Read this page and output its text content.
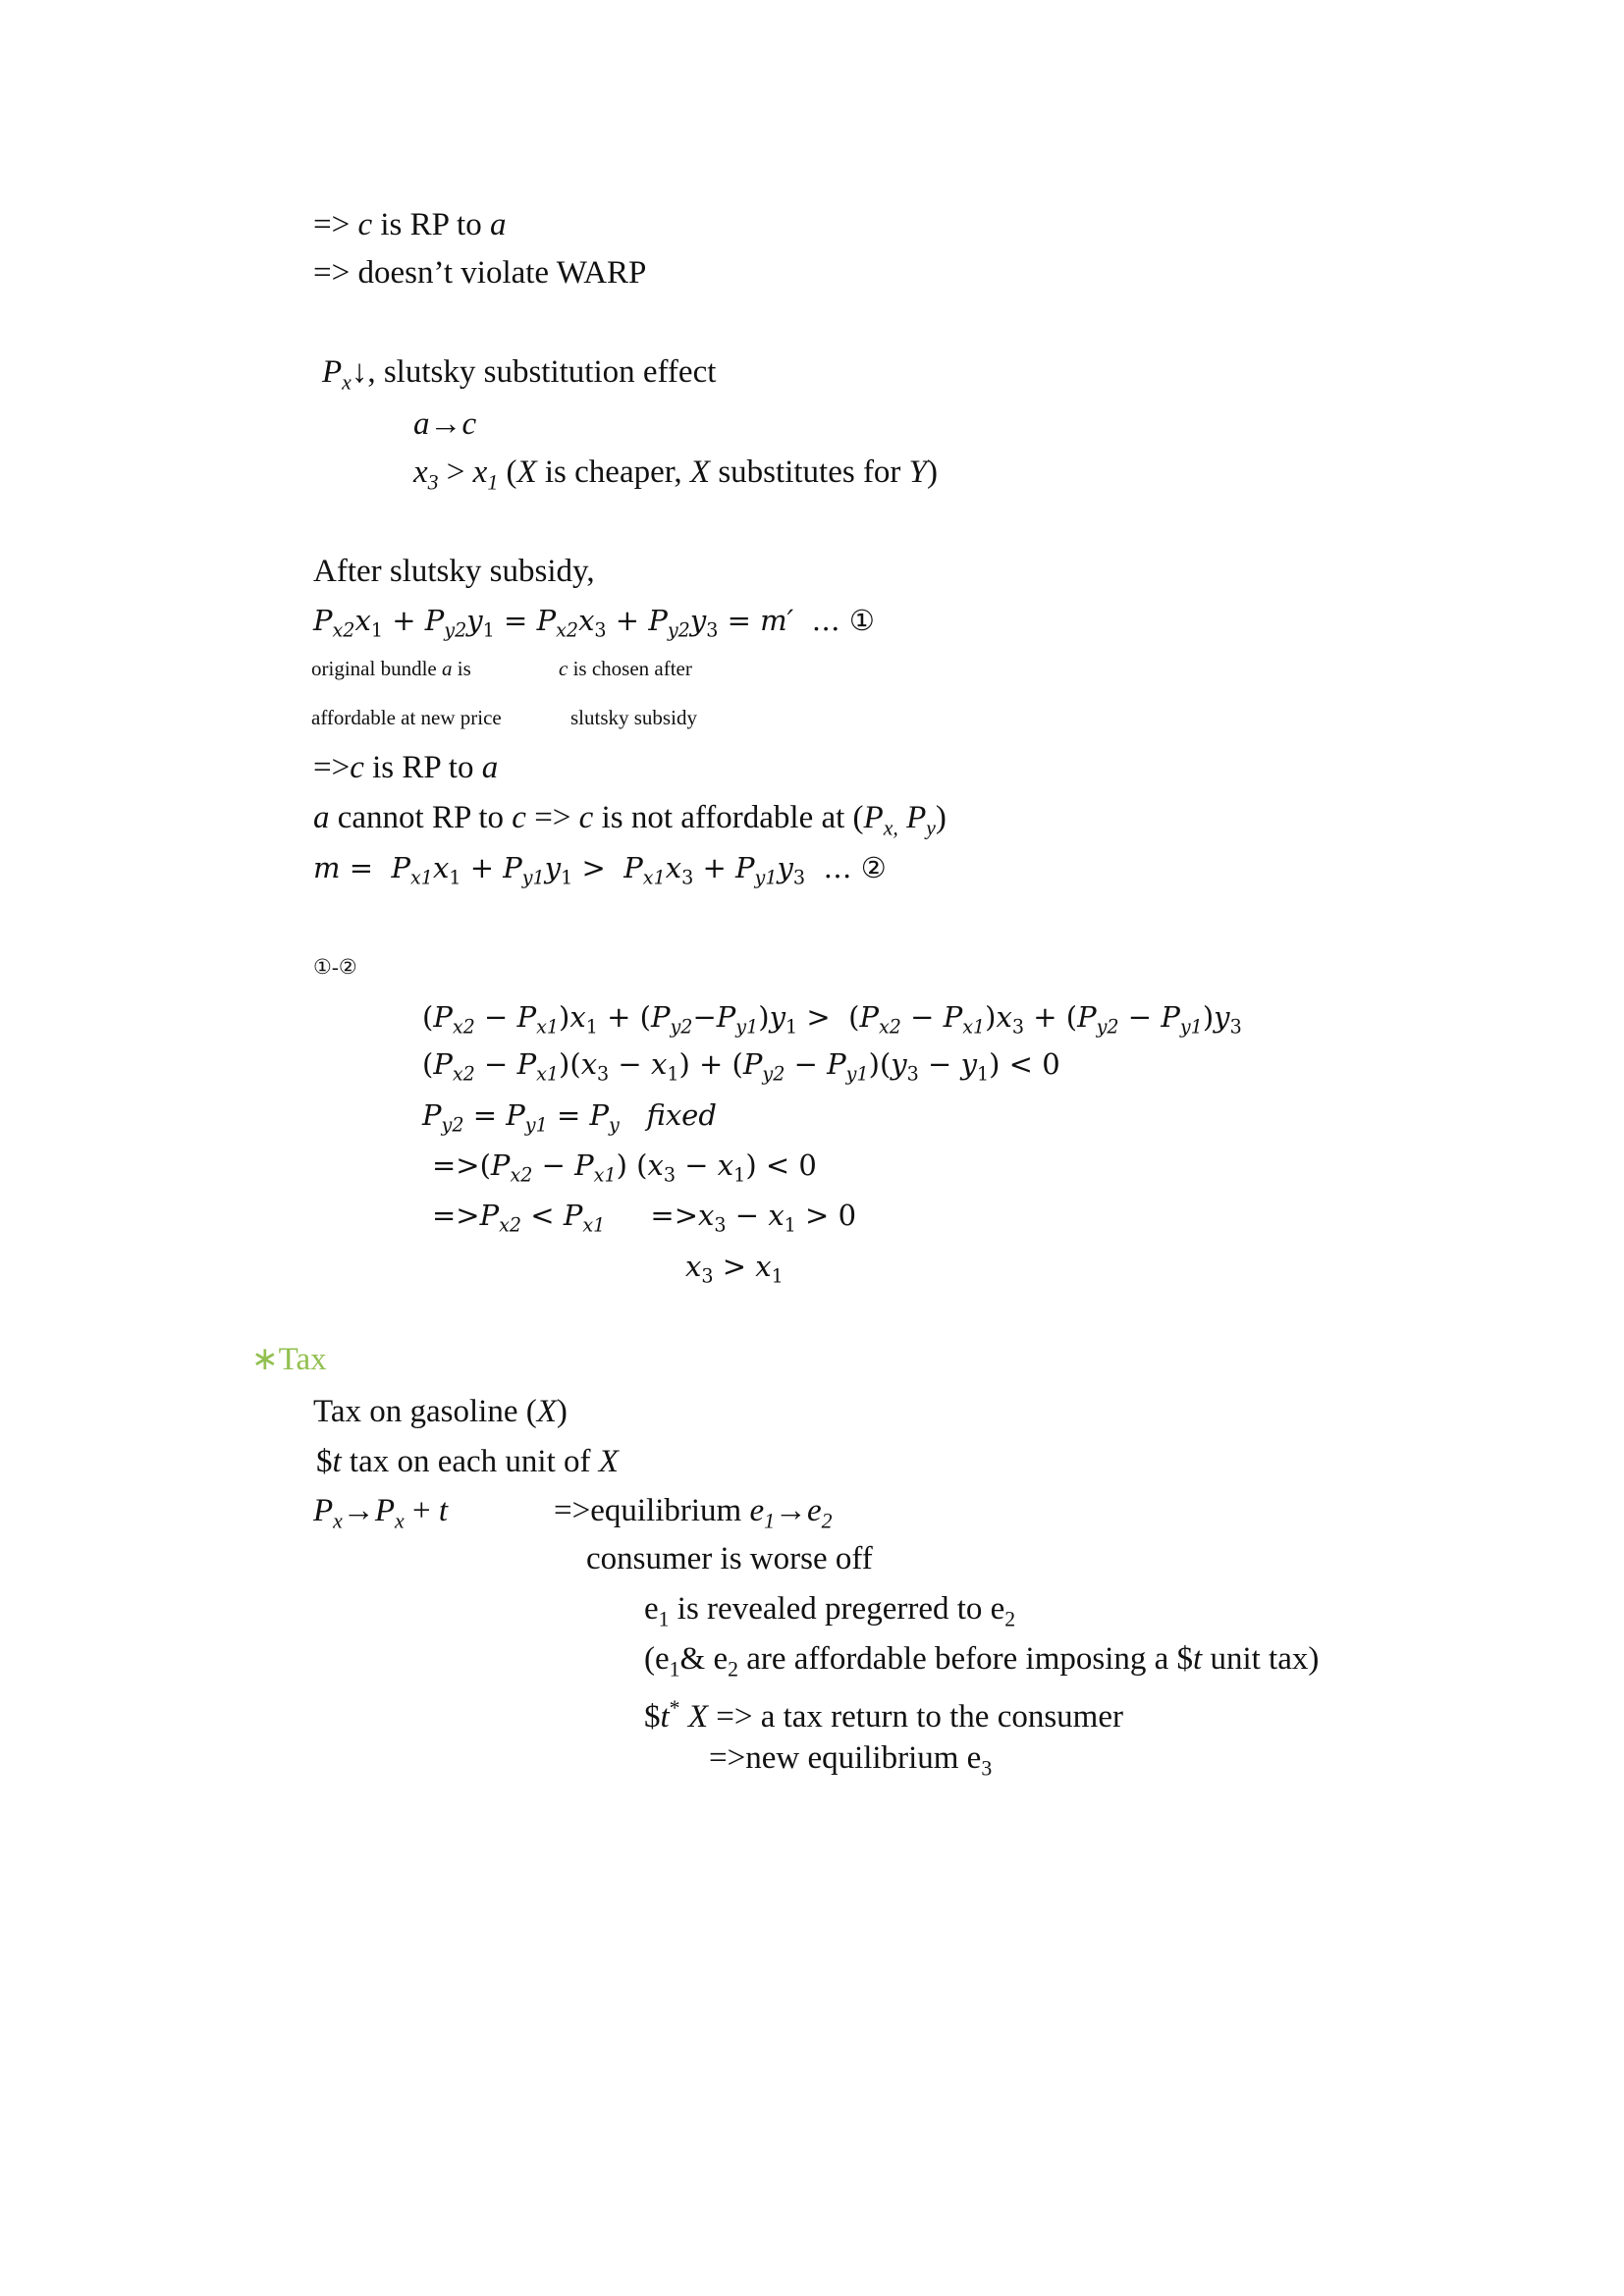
=> c is RP to a
=> doesn’t violate WARP
$P_x↓$, slutsky substitution effect
a→c
$x_3 > x_1$ (X is cheaper, X substitutes for Y)
After slutsky subsidy,
$P_{x2}x_1 + P_{y2}y_1 = P_{x2}x_3 + P_{y2}y_3 = m'$  … ①
original bundle a is	c is chosen after
affordable at new price	slutsky subsidy
=>c is RP to a
a cannot RP to c => c is not affordable at ($P_{x,}$ $P_y$)
$m = P_{x1}x_1 + P_{y1}y_1 > P_{x1}x_3 + P_{y1}y_3$  … ②
①-②
$(P_{x2} - P_{x1})x_1 + (P_{y2}-P_{y1})y_1 > (P_{x2} - P_{x1})x_3 + (P_{y2} - P_{y1})y_3$
$(P_{x2} - P_{x1})(x_3 - x_1) + (P_{y2} - P_{y1})(y_3 - y_1) < 0$
$P_{y2} = P_{y1} = P_y$ fixed
$=>(P_{x2} - P_{x1}) (x_3 - x_1) < 0$
$=>P_{x2} < P_{x1}$     $=>x_3 - x_1 > 0$
$x_3 > x_1$
∗Tax
Tax on gasoline (X)
$t tax on each unit of X
$P_x\to P_x + t$	=>equilibrium $e_1\to e_2$
consumer is worse off
$e_1$ is revealed pregerred to $e_2$
($e_1\&$ $e_2$ are affordable before imposing a $t unit tax)
$t* X => a tax return to the consumer
=>new equilibrium $e_3$
